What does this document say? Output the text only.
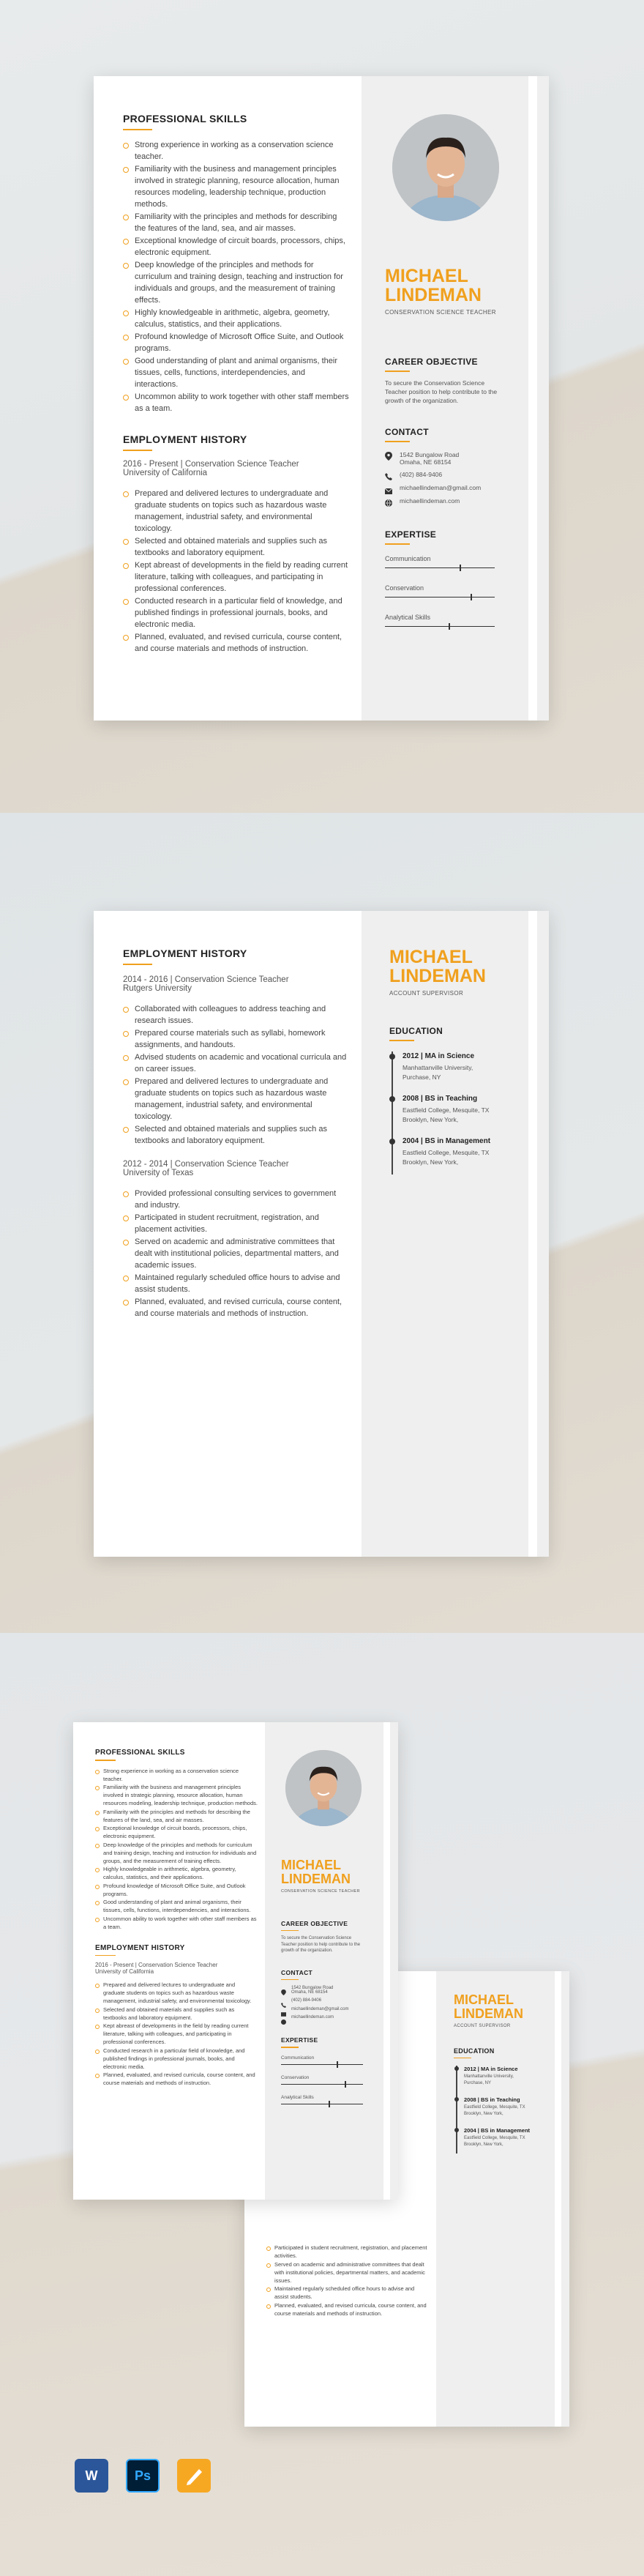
PROFESSIONAL SKILLS
Strong experience in working as a conservation science teacher.
Familiarity with the business and management principles involved in strategic planning, resource allocation, human resources modeling, leadership technique, production methods.
Familiarity with the principles and methods for describing the features of the land, sea, and air masses.
Exceptional knowledge of circuit boards, processors, chips, electronic equipment.
Deep knowledge of the principles and methods for curriculum and training design, teaching and instruction for individuals and groups, and the measurement of training effects.
Highly knowledgeable in arithmetic, algebra, geometry, calculus, statistics, and their applications.
Profound knowledge of Microsoft Office Suite, and Outlook programs.
Good understanding of plant and animal organisms, their tissues, cells, functions, interdependencies, and interactions.
Uncommon ability to work together with other staff members as a team.
EMPLOYMENT HISTORY
2016 - Present | Conservation Science Teacher
University of California
Prepared and delivered lectures to undergraduate and graduate students on topics such as hazardous waste management, industrial safety, and environmental toxicology.
Selected and obtained materials and supplies such as textbooks and laboratory equipment.
Kept abreast of developments in the field by reading current literature, talking with colleagues, and participating in professional conferences.
Conducted research in a particular field of knowledge, and published findings in professional journals, books, and electronic media.
Planned, evaluated, and revised curricula, course content, and course materials and methods of instruction.
MICHAEL
LINDEMAN
CONSERVATION SCIENCE TEACHER
CAREER OBJECTIVE
To secure the Conservation Science Teacher position to help contribute to the growth of the organization.
CONTACT
1542 Bungalow Road
Omaha, NE 68154
(402) 884-9406
michaellindeman@gmail.com
michaellindeman.com
EXPERTISE
Communication
Conservation
Analytical Skills
EMPLOYMENT HISTORY
2014 - 2016 | Conservation Science Teacher
Rutgers University
Collaborated with colleagues to address teaching and research issues.
Prepared course materials such as syllabi, homework assignments, and handouts.
Advised students on academic and vocational curricula and on career issues.
Prepared and delivered lectures to undergraduate and graduate students on topics such as hazardous waste management, industrial safety, and environmental toxicology.
Selected and obtained materials and supplies such as textbooks and laboratory equipment.
2012 - 2014 | Conservation Science Teacher
University of Texas
Provided professional consulting services to government and industry.
Participated in student recruitment, registration, and placement activities.
Served on academic and administrative committees that dealt with institutional policies, departmental matters, and academic issues.
Maintained regularly scheduled office hours to advise and assist students.
Planned, evaluated, and revised curricula, course content, and course materials and methods of instruction.
MICHAEL
LINDEMAN
ACCOUNT SUPERVISOR
EDUCATION
2012 | MA in Science
Manhattanville University,
Purchase, NY
2008 | BS in Teaching
Eastfield College, Mesquite, TX
Brooklyn, New York,
2004 | BS in Management
Eastfield College, Mesquite, TX
Brooklyn, New York,
MICHAEL
LINDEMAN
ACCOUNT SUPERVISOR
EDUCATION
2012 | MA in Science
Manhattanville University,
Purchase, NY
2008 | BS in Teaching
Eastfield College, Mesquite, TX
Brooklyn, New York,
2004 | BS in Management
Eastfield College, Mesquite, TX
Brooklyn, New York,
Participated in student recruitment, registration, and placement activities.
Served on academic and administrative committees that dealt with institutional policies, departmental matters, and academic issues.
Maintained regularly scheduled office hours to advise and assist students.
Planned, evaluated, and revised curricula, course content, and course materials and methods of instruction.
PROFESSIONAL SKILLS
Strong experience in working as a conservation science teacher.
Familiarity with the business and management principles involved in strategic planning, resource allocation, human resources modeling, leadership technique, production methods.
Familiarity with the principles and methods for describing the features of the land, sea, and air masses.
Exceptional knowledge of circuit boards, processors, chips, electronic equipment.
Deep knowledge of the principles and methods for curriculum and training design, teaching and instruction for individuals and groups, and the measurement of training effects.
Highly knowledgeable in arithmetic, algebra, geometry, calculus, statistics, and their applications.
Profound knowledge of Microsoft Office Suite, and Outlook programs.
Good understanding of plant and animal organisms, their tissues, cells, functions, interdependencies, and interactions.
Uncommon ability to work together with other staff members as a team.
EMPLOYMENT HISTORY
2016 - Present | Conservation Science Teacher
University of California
Prepared and delivered lectures to undergraduate and graduate students on topics such as hazardous waste management, industrial safety, and environmental toxicology.
Selected and obtained materials and supplies such as textbooks and laboratory equipment.
Kept abreast of developments in the field by reading current literature, talking with colleagues, and participating in professional conferences.
Conducted research in a particular field of knowledge, and published findings in professional journals, books, and electronic media.
Planned, evaluated, and revised curricula, course content, and course materials and methods of instruction.
MICHAEL
LINDEMAN
CONSERVATION SCIENCE TEACHER
CAREER OBJECTIVE
To secure the Conservation Science Teacher position to help contribute to the growth of the organization.
CONTACT
1542 Bungalow Road
Omaha, NE 68154
(402) 884-9406
michaellindeman@gmail.com
michaellindeman.com
EXPERTISE
Communication
Conservation
Analytical Skills
W	Ps
